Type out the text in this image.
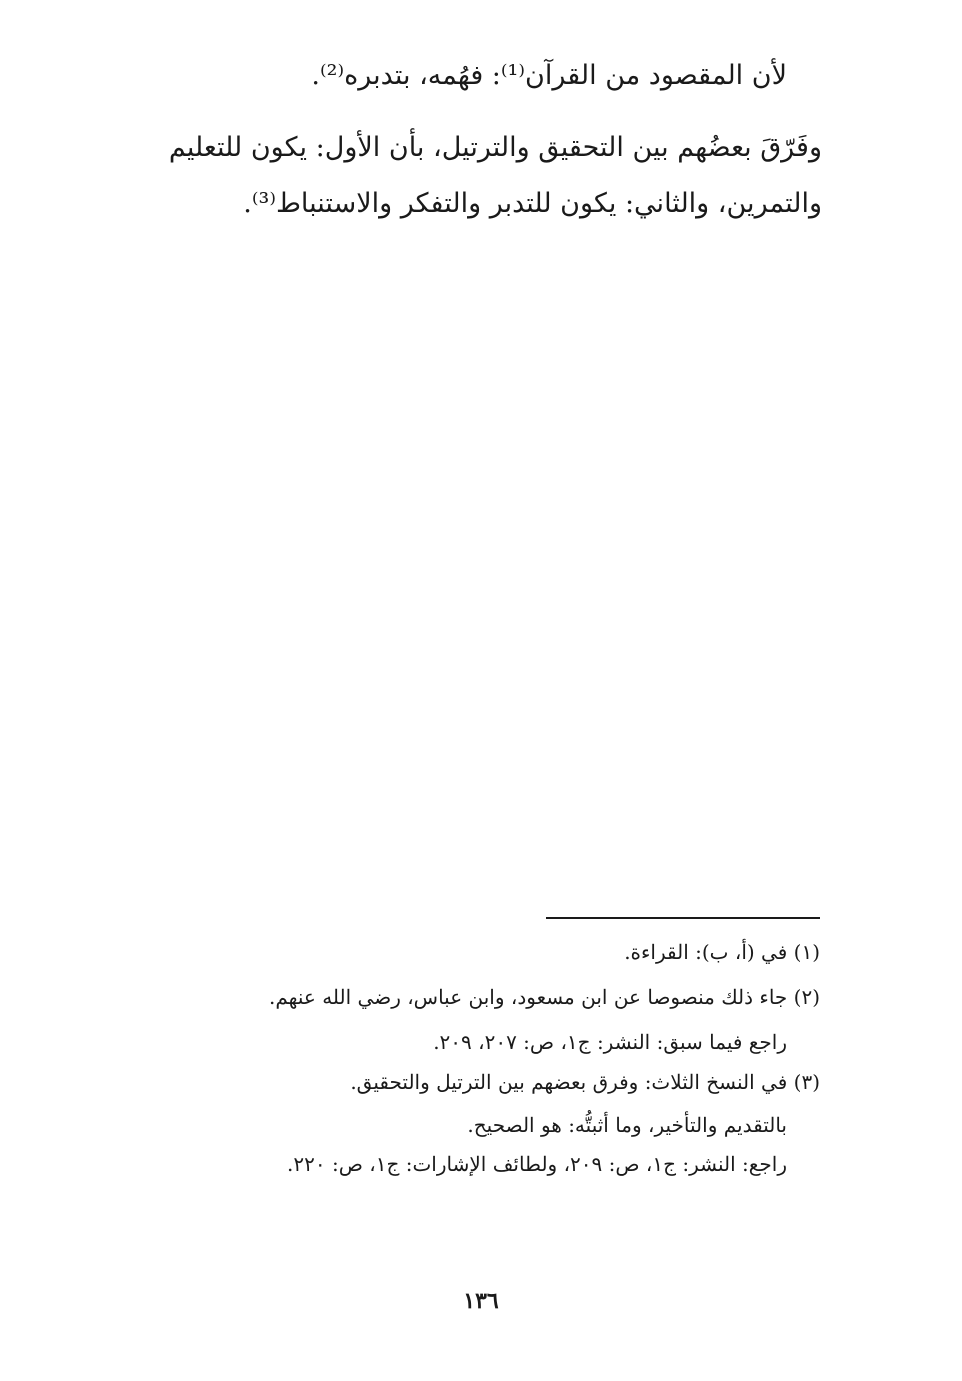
لأن المقصود من القرآن⁽¹⁾: فهُمه، بتدبره⁽²⁾.
وفَرّقَ بعضُهم بين التحقيق والترتيل، بأن الأول: يكون للتعليم
والتمرين، والثاني: يكون للتدبر والتفكر والاستنباط⁽³⁾.
(١) في (أ، ب): القراءة.
(٢) جاء ذلك منصوصا عن ابن مسعود، وابن عباس، رضي الله عنهم.
راجع فيما سبق: النشر: ج١، ص: ٢٠٧، ٢٠٩.
(٣) في النسخ الثلاث: وفرق بعضهم بين الترتيل والتحقيق.
بالتقديم والتأخير، وما أثبتُّه: هو الصحيح.
راجع: النشر: ج١، ص: ٢٠٩، ولطائف الإشارات: ج١، ص: ٢٢٠.
١٣٦
